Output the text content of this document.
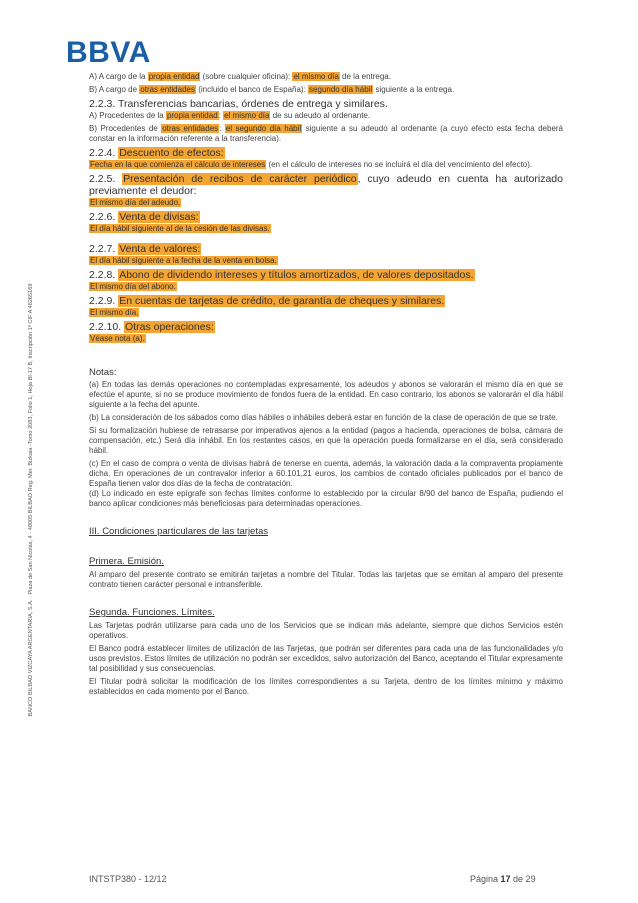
BBVA
BANCO BILBAO VIZCAYA ARGENTARIA, S.A. · Plaza de San Nicolás, 4 · 48005 BILBAO Reg. Mer. Bizkaia -Tomo 2083, Folio 1, Hoja BI-17 B, Inscripción 1ª CIF A 48265169

A) A cargo de la propia entidad (sobre cualquier oficina): el mismo día de la entrega.

B) A cargo de otras entidades (incluido el banco de España): segundo día hábil siguiente a la entrega.

2.2.3. Transferencias bancarias, órdenes de entrega y similares.

A) Procedentes de la propia entidad: el mismo día de su adeudo al ordenante.

B) Procedentes de otras entidades: el segundo día hábil siguiente a su adeudo al ordenante (a cuyo efecto esta fecha deberá constar en la información referente a la transferencia).

2.2.4. Descuento de efectos:

Fecha en la que comienza el cálculo de intereses (en el cálculo de intereses no se incluirá el día del vencimiento del efecto).

2.2.5. Presentación de recibos de carácter periódico, cuyo adeudo en cuenta ha autorizado previamente el deudor:

El mismo día del adeudo.

2.2.6. Venta de divisas:

El día hábil siguiente al de la cesión de las divisas.

2.2.7. Venta de valores:

El día hábil siguiente a la fecha de la venta en bolsa.

2.2.8. Abono de dividendo intereses y títulos amortizados, de valores depositados.

El mismo día del abono.

2.2.9. En cuentas de tarjetas de crédito, de garantía de cheques y similares.

El mismo día.

2.2.10. Otras operaciones:

Véase nota (a).

Notas:

(a) En todas las demás operaciones no contempladas expresamente, los adeudos y abonos se valorarán el mismo día en que se efectúe el apunte, si no se produce movimiento de fondos fuera de la entidad. En caso contrario, los abonos se valorarán el día hábil siguiente a la fecha del apunte.

(b) La consideración de los sábados como días hábiles o inhábiles deberá estar en función de la clase de operación de que se trate.

Si su formalización hubiese de retrasarse por imperativos ajenos a la entidad (pagos a hacienda, operaciones de bolsa, cámara de compensación, etc.) Será día inhábil. En los restantes casos, en que la operación pueda formalizarse en el día, será considerado hábil.

(c) En el caso de compra o venta de divisas habrá de tenerse en cuenta, además, la valoración dada a la compraventa propiamente dicha. En operaciones de un contravalor inferior a 60.101,21 euros, los cambios de contado oficiales publicados por el banco de España tienen valor dos días de la fecha de contratación.

(d) Lo indicado en este epígrafe son fechas límites conforme lo establecido por la circular 8/90 del banco de España, pudiendo el banco aplicar condiciones más beneficiosas para determinadas operaciones.

III. Condiciones particulares de las tarjetas
Primera. Emisión.

Al amparo del presente contrato se emitirán tarjetas a nombre del Titular. Todas las tarjetas que se emitan al amparo del presente contrato tienen carácter personal e intransferible.

Segunda. Funciones. Límites.

Las Tarjetas podrán utilizarse para cada uno de los Servicios que se indican más adelante, siempre que dichos Servicios estén operativos.

El Banco podrá establecer límites de utilización de las Tarjetas, que podrán ser diferentes para cada una de las funcionalidades y/o usos previstos. Estos límites de utilización no podrán ser excedidos, salvo autorización del Banco, aceptando el Titular expresamente tal posibilidad y sus consecuencias.

El Titular podrá solicitar la modificación de los límites correspondientes a su Tarjeta, dentro de los límites mínimo y máximo establecidos en cada momento por el Banco.

INTSTP380 - 12/12	Página 17 de 29
